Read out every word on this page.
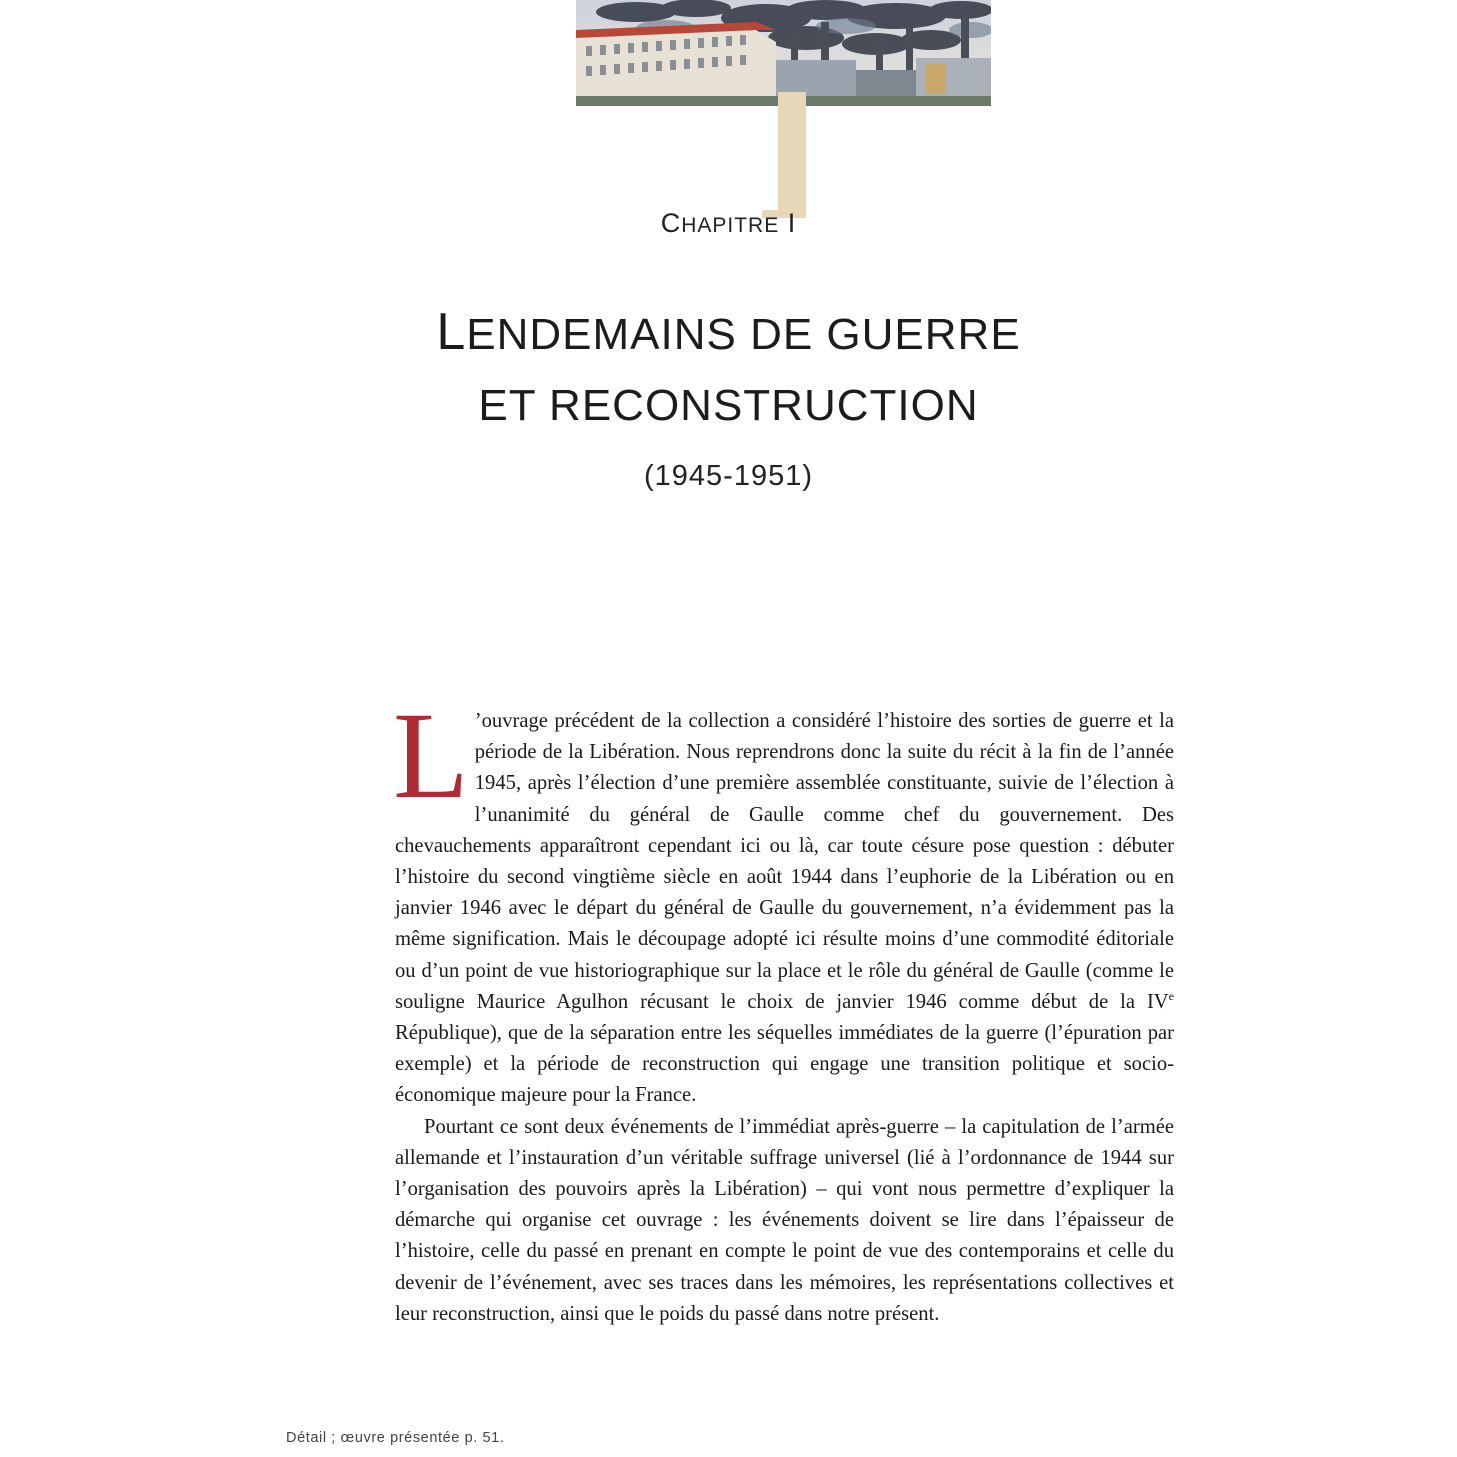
CHAPITRE I
LENDEMAINS DE GUERRE
ET RECONSTRUCTION
(1945-1951)

L ’ouvrage précédent de la collection a considéré l’histoire des sorties de guerre et la période de la Libération. Nous reprendrons donc la suite du récit à la fin de l’année 1945, après l’élection d’une première assemblée constituante, suivie de l’élection à l’unanimité du général de Gaulle comme chef du gouvernement. Des chevauchements apparaîtront cependant ici ou là, car toute césure pose question : débuter l’histoire du second vingtième siècle en août 1944 dans l’euphorie de la Libération ou en janvier 1946 avec le départ du général de Gaulle du gouvernement, n’a évidemment pas la même signification. Mais le découpage adopté ici résulte moins d’une commodité éditoriale ou d’un point de vue historiographique sur la place et le rôle du général de Gaulle (comme le souligne Maurice Agulhon récusant le choix de janvier 1946 comme début de la IVe République), que de la séparation entre les séquelles immédiates de la guerre (l’épuration par exemple) et la période de reconstruction qui engage une transition politique et socio-économique majeure pour la France.

Pourtant ce sont deux événements de l’immédiat après-guerre – la capitulation de l’armée allemande et l’instauration d’un véritable suffrage universel (lié à l’ordonnance de 1944 sur l’organisation des pouvoirs après la Libération) – qui vont nous permettre d’expliquer la démarche qui organise cet ouvrage : les événements doivent se lire dans l’épaisseur de l’histoire, celle du passé en prenant en compte le point de vue des contemporains et celle du devenir de l’événement, avec ses traces dans les mémoires, les représentations collectives et leur reconstruction, ainsi que le poids du passé dans notre présent.

Détail ; œuvre présentée p. 51.
